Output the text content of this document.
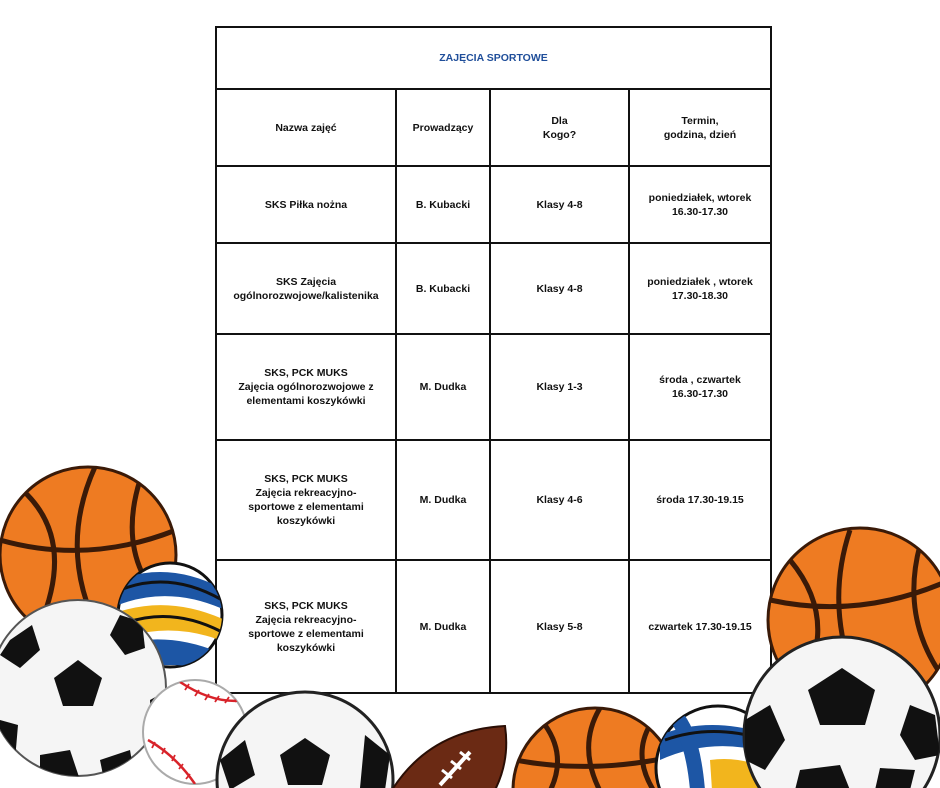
ZAJĘCIA SPORTOWE			
Nazwa zajęć	Prowadzący	Dla
Kogo?	Termin,
godzina, dzień
SKS Piłka nożna	B. Kubacki	Klasy 4-8	poniedziałek, wtorek
16.30-17.30
SKS Zajęcia
ogólnorozwojowe/kalistenika	B. Kubacki	Klasy 4-8	poniedziałek , wtorek
17.30-18.30
SKS, PCK MUKS
Zajęcia ogólnorozwojowe z
elementami koszykówki	M. Dudka	Klasy 1-3	środa , czwartek
16.30-17.30
SKS, PCK MUKS
Zajęcia rekreacyjno-
sportowe z elementami
koszykówki	M. Dudka	Klasy 4-6	środa 17.30-19.15
SKS, PCK MUKS
Zajęcia rekreacyjno-
sportowe z elementami
koszykówki	M. Dudka	Klasy 5-8	czwartek 17.30-19.15
